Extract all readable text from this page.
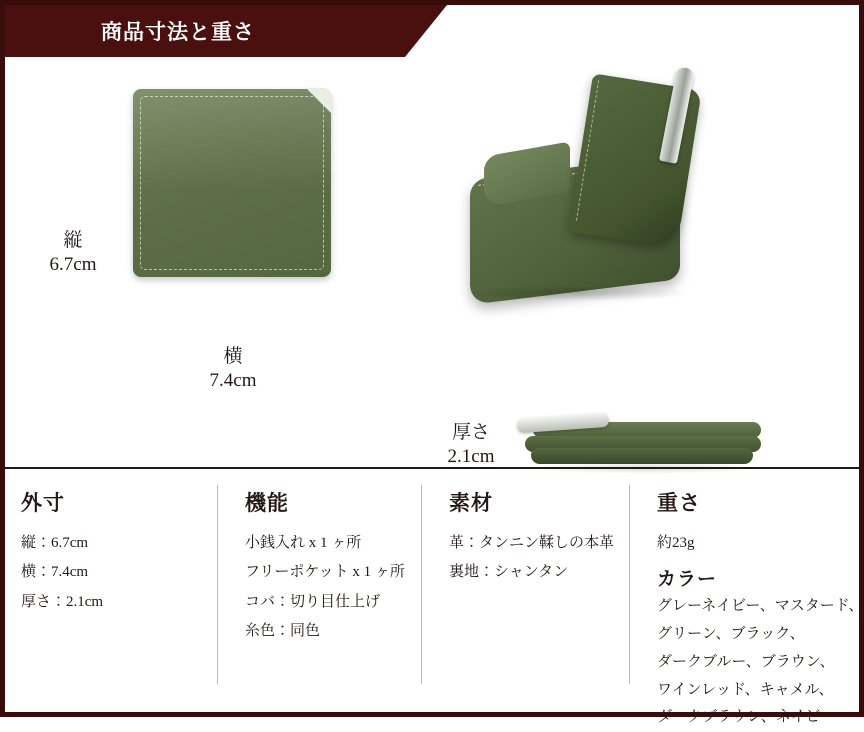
商品寸法と重さ
縦
6.7cm
横
7.4cm
厚さ
2.1cm
外寸
縦：6.7cm
横：7.4cm
厚さ：2.1cm
機能
小銭入れ x 1 ヶ所
フリーポケット x 1 ヶ所
コバ：切り目仕上げ
糸色：同色
素材
革：タンニン鞣しの本革
裏地：シャンタン
重さ
約23g
カラー
グレーネイビー、マスタード、
グリーン、ブラック、
ダークブルー、ブラウン、
ワインレッド、キャメル、
ダークブラウン、ネイビー
